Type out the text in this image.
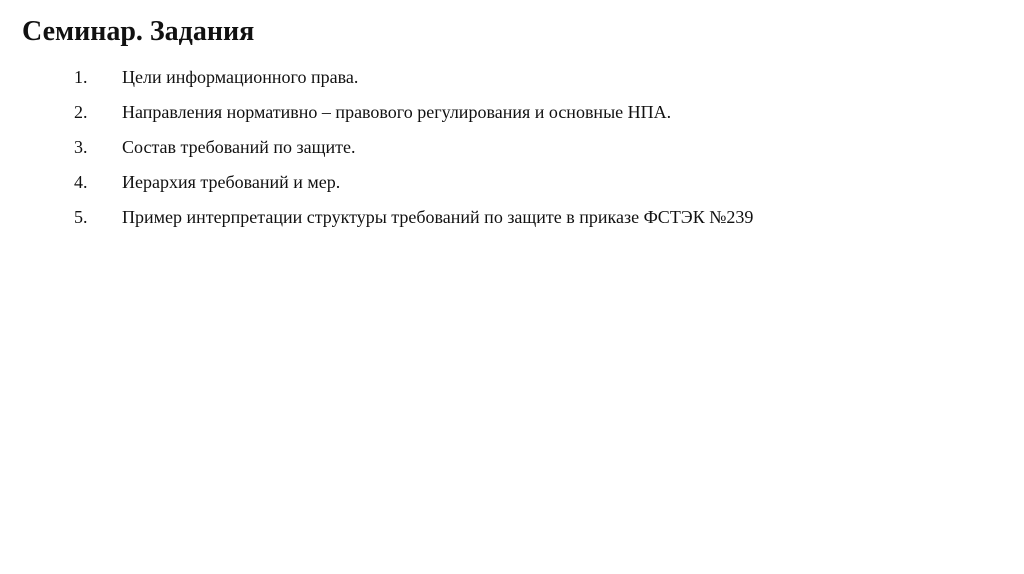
Семинар. Задания
1.	Цели информационного права.
2.	Направления нормативно – правового регулирования и основные НПА.
3.	Состав требований по защите.
4.	Иерархия требований и мер.
5.	Пример интерпретации структуры требований по защите в приказе ФСТЭК №239
